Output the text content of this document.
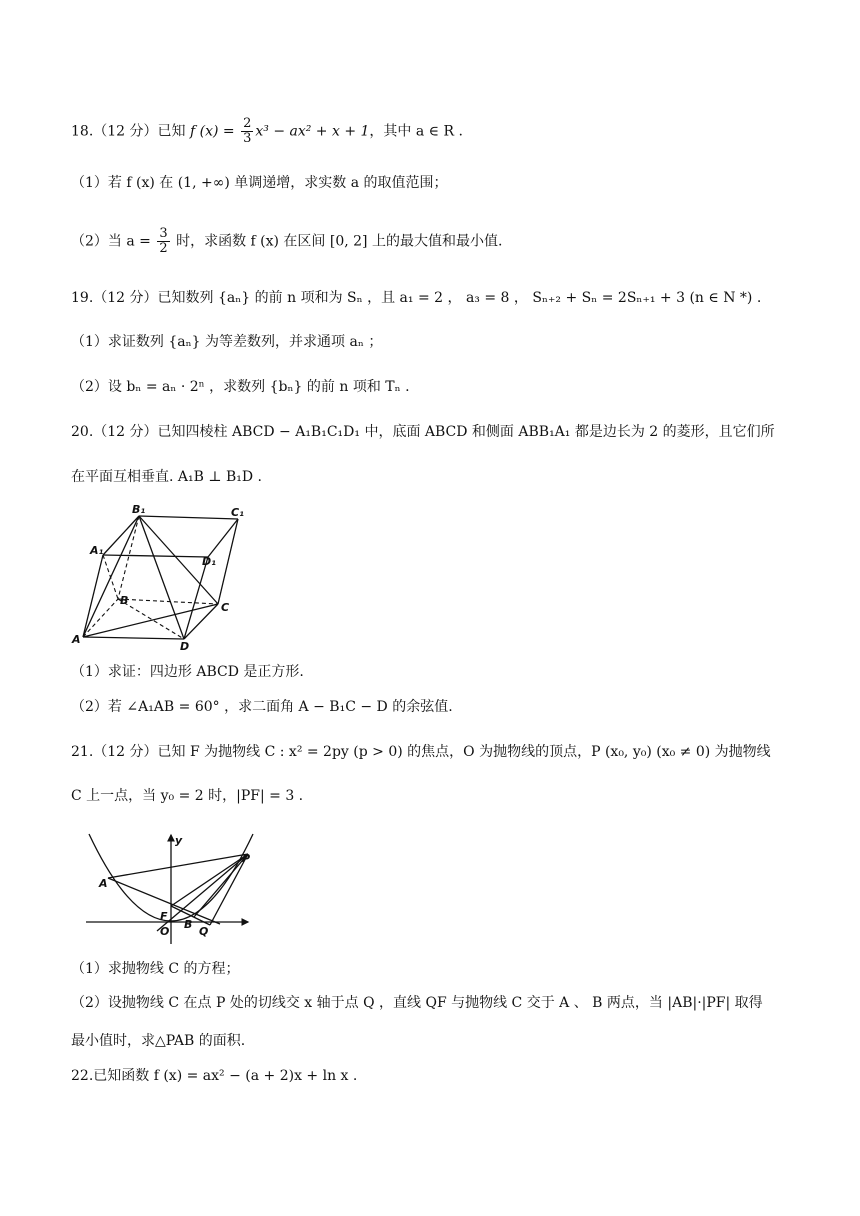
18.（12 分）已知 f $(x) = \frac{2}{3} x^3 - ax^2 + x + 1$，其中 a ∈ R .
（1）若 f (x) 在 (1, +∞) 单调递增，求实数 a 的取值范围；
（2）当 $a = \frac{3}{2}$ 时，求函数 f (x) 在区间 [0, 2] 上的最大值和最小值.
19.（12 分）已知数列 {aₙ} 的前 n 项和为 Sₙ ，且 a₁ = 2 ， a₃ = 8 ， Sₙ₊₂ + Sₙ = 2Sₙ₊₁ + 3 (n ∈ N *) .
（1）求证数列 {aₙ} 为等差数列，并求通项 aₙ ；
（2）设 bₙ = aₙ · 2ⁿ ，求数列 {bₙ} 的前 n 项和 Tₙ .
20.（12 分）已知四棱柱 ABCD − A₁B₁C₁D₁ 中，底面 ABCD 和侧面 ABB₁A₁ 都是边长为 2 的菱形，且它们所
在平面互相垂直. A₁B ⊥ B₁D .
B₁	C₁
A₁
D₁
B
C
A
D
（1）求证：四边形 ABCD 是正方形.
（2）若 ∠A₁AB = 60° ，求二面角 A − B₁C − D 的余弦值.
21.（12 分）已知 F 为抛物线 C : x² = 2py (p > 0) 的焦点，O 为抛物线的顶点，P (x₀, y₀) (x₀ ≠ 0) 为抛物线
C 上一点，当 y₀ = 2 时，|PF| = 3 .
y
P
A
F
O
B
Q
（1）求抛物线 C 的方程；
（2）设抛物线 C 在点 P 处的切线交 x 轴于点 Q ，直线 QF 与抛物线 C 交于 A 、 B 两点，当 |AB|·|PF| 取得
最小值时，求△PAB 的面积.
22.已知函数 f (x) = ax² − (a + 2)x + ln x .
